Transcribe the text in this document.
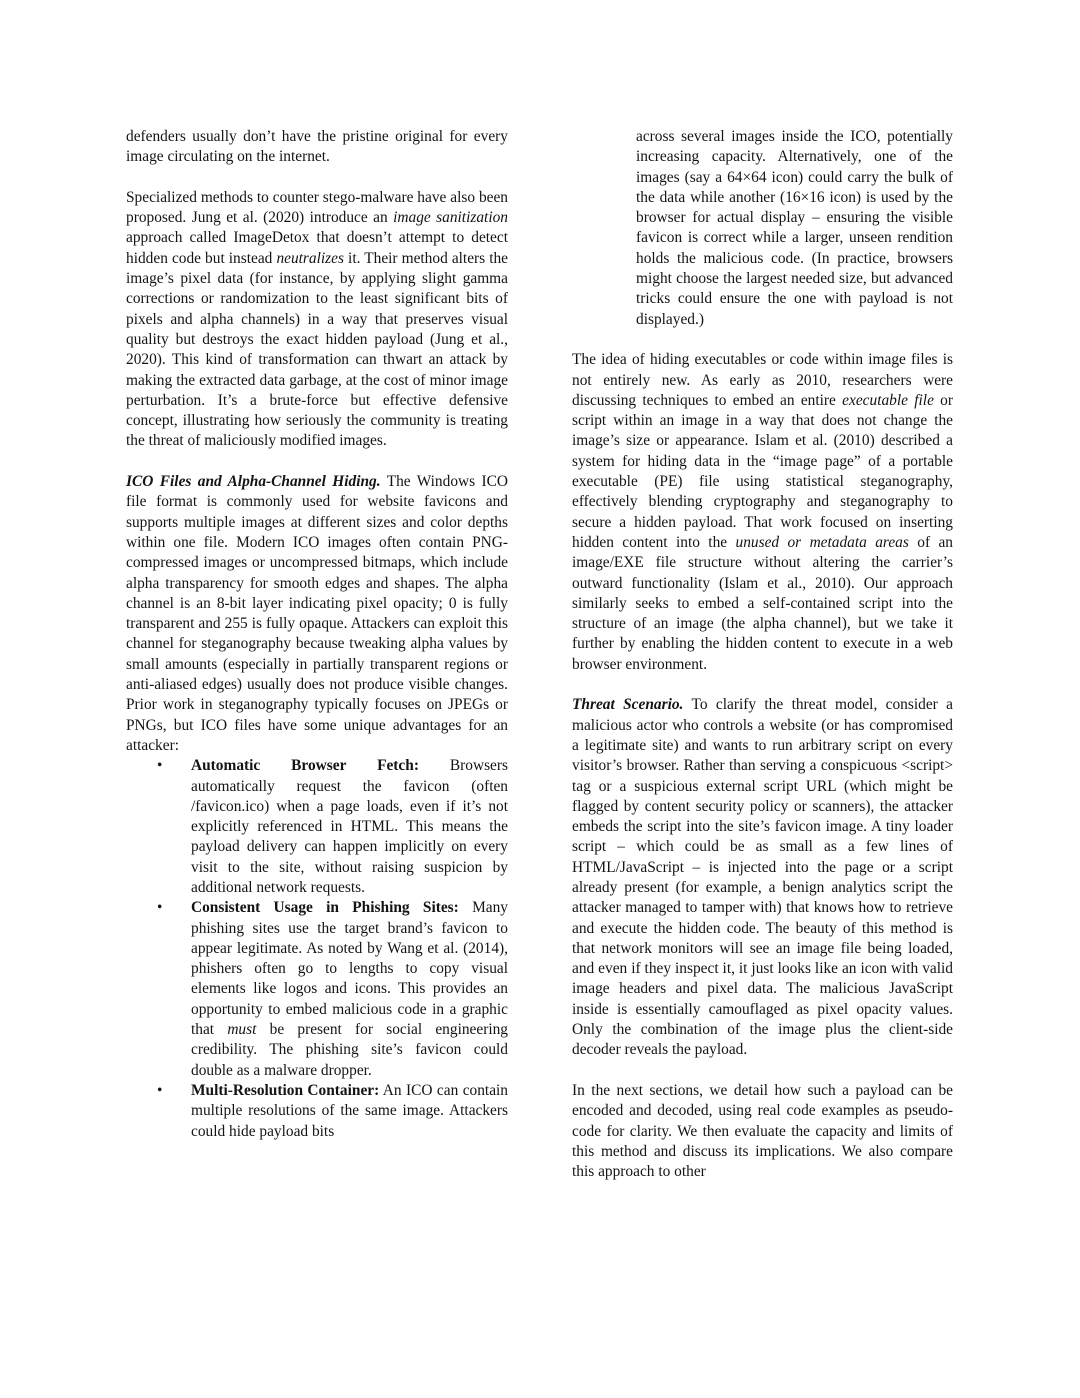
defenders usually don’t have the pristine original for every image circulating on the internet.

Specialized methods to counter stego-malware have also been proposed. Jung et al. (2020) introduce an image sanitization approach called ImageDetox that doesn’t attempt to detect hidden code but instead neutralizes it. Their method alters the image’s pixel data (for instance, by applying slight gamma corrections or randomization to the least significant bits of pixels and alpha channels) in a way that preserves visual quality but destroys the exact hidden payload (Jung et al., 2020). This kind of transformation can thwart an attack by making the extracted data garbage, at the cost of minor image perturbation. It’s a brute-force but effective defensive concept, illustrating how seriously the community is treating the threat of maliciously modified images.

ICO Files and Alpha-Channel Hiding. The Windows ICO file format is commonly used for website favicons and supports multiple images at different sizes and color depths within one file. Modern ICO images often contain PNG-compressed images or uncompressed bitmaps, which include alpha transparency for smooth edges and shapes. The alpha channel is an 8-bit layer indicating pixel opacity; 0 is fully transparent and 255 is fully opaque. Attackers can exploit this channel for steganography because tweaking alpha values by small amounts (especially in partially transparent regions or anti-aliased edges) usually does not produce visible changes. Prior work in steganography typically focuses on JPEGs or PNGs, but ICO files have some unique advantages for an attacker:

• Automatic Browser Fetch: Browsers automatically request the favicon (often /favicon.ico) when a page loads, even if it’s not explicitly referenced in HTML. This means the payload delivery can happen implicitly on every visit to the site, without raising suspicion by additional network requests.
• Consistent Usage in Phishing Sites: Many phishing sites use the target brand’s favicon to appear legitimate. As noted by Wang et al. (2014), phishers often go to lengths to copy visual elements like logos and icons. This provides an opportunity to embed malicious code in a graphic that must be present for social engineering credibility. The phishing site’s favicon could double as a malware dropper.
• Multi-Resolution Container: An ICO can contain multiple resolutions of the same image. Attackers could hide payload bits

across several images inside the ICO, potentially increasing capacity. Alternatively, one of the images (say a 64×64 icon) could carry the bulk of the data while another (16×16 icon) is used by the browser for actual display – ensuring the visible favicon is correct while a larger, unseen rendition holds the malicious code. (In practice, browsers might choose the largest needed size, but advanced tricks could ensure the one with payload is not displayed.)

The idea of hiding executables or code within image files is not entirely new. As early as 2010, researchers were discussing techniques to embed an entire executable file or script within an image in a way that does not change the image’s size or appearance. Islam et al. (2010) described a system for hiding data in the “image page” of a portable executable (PE) file using statistical steganography, effectively blending cryptography and steganography to secure a hidden payload. That work focused on inserting hidden content into the unused or metadata areas of an image/EXE file structure without altering the carrier’s outward functionality (Islam et al., 2010). Our approach similarly seeks to embed a self-contained script into the structure of an image (the alpha channel), but we take it further by enabling the hidden content to execute in a web browser environment.

Threat Scenario. To clarify the threat model, consider a malicious actor who controls a website (or has compromised a legitimate site) and wants to run arbitrary script on every visitor’s browser. Rather than serving a conspicuous <script> tag or a suspicious external script URL (which might be flagged by content security policy or scanners), the attacker embeds the script into the site’s favicon image. A tiny loader script – which could be as small as a few lines of HTML/JavaScript – is injected into the page or a script already present (for example, a benign analytics script the attacker managed to tamper with) that knows how to retrieve and execute the hidden code. The beauty of this method is that network monitors will see an image file being loaded, and even if they inspect it, it just looks like an icon with valid image headers and pixel data. The malicious JavaScript inside is essentially camouflaged as pixel opacity values. Only the combination of the image plus the client-side decoder reveals the payload.

In the next sections, we detail how such a payload can be encoded and decoded, using real code examples as pseudo-code for clarity. We then evaluate the capacity and limits of this method and discuss its implications. We also compare this approach to other
